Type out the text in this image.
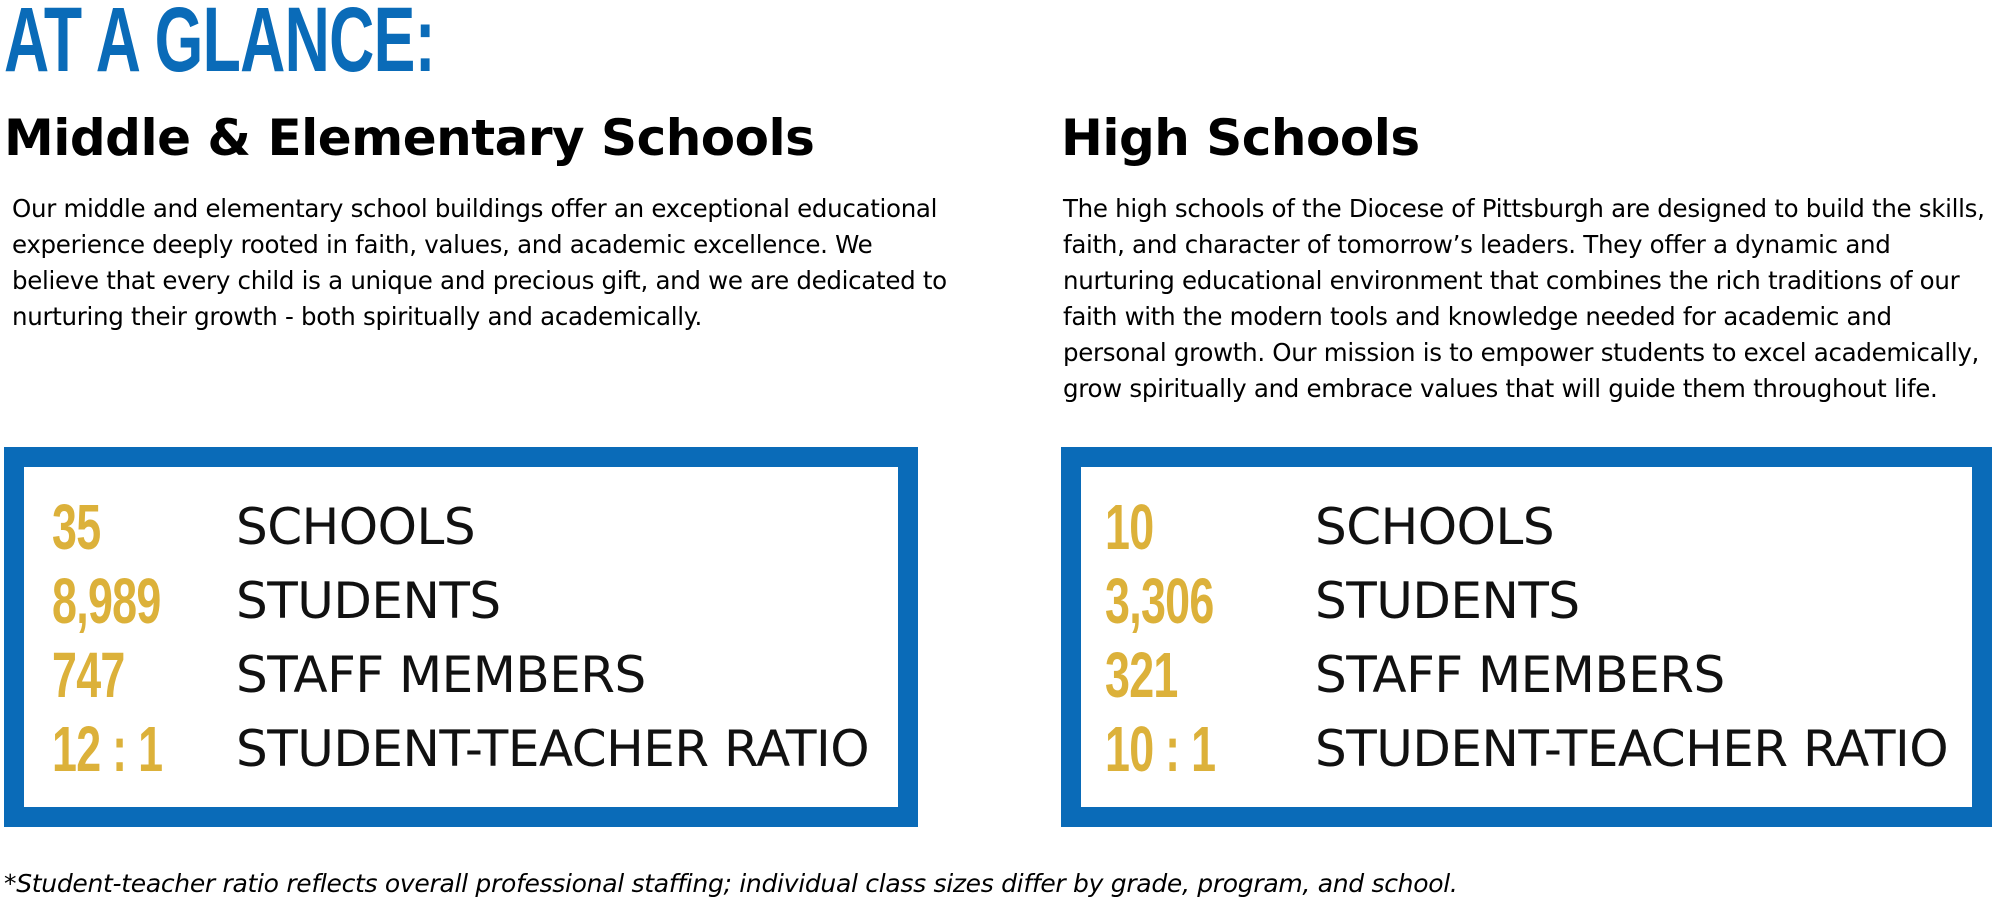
AT A GLANCE:
Middle & Elementary Schools

Our middle and elementary school buildings offer an exceptional educational experience deeply rooted in faith, values, and academic excellence. We believe that every child is a unique and precious gift, and we are dedicated to nurturing their growth - both spiritually and academically.

High Schools

The high schools of the Diocese of Pittsburgh are designed to build the skills, faith, and character of tomorrow’s leaders. They offer a dynamic and nurturing educational environment that combines the rich traditions of our faith with the modern tools and knowledge needed for academic and personal growth. Our mission is to empower students to excel academically, grow spiritually and embrace values that will guide them throughout life.

35	SCHOOLS
8,989 STUDENTS
747 STAFF MEMBERS
12 : 1 STUDENT-TEACHER RATIO
10	SCHOOLS
3,306 STUDENTS
321	STAFF MEMBERS
10 : 1 STUDENT-TEACHER RATIO

*Student-teacher ratio reflects overall professional staffing; individual class sizes differ by grade, program, and school.
